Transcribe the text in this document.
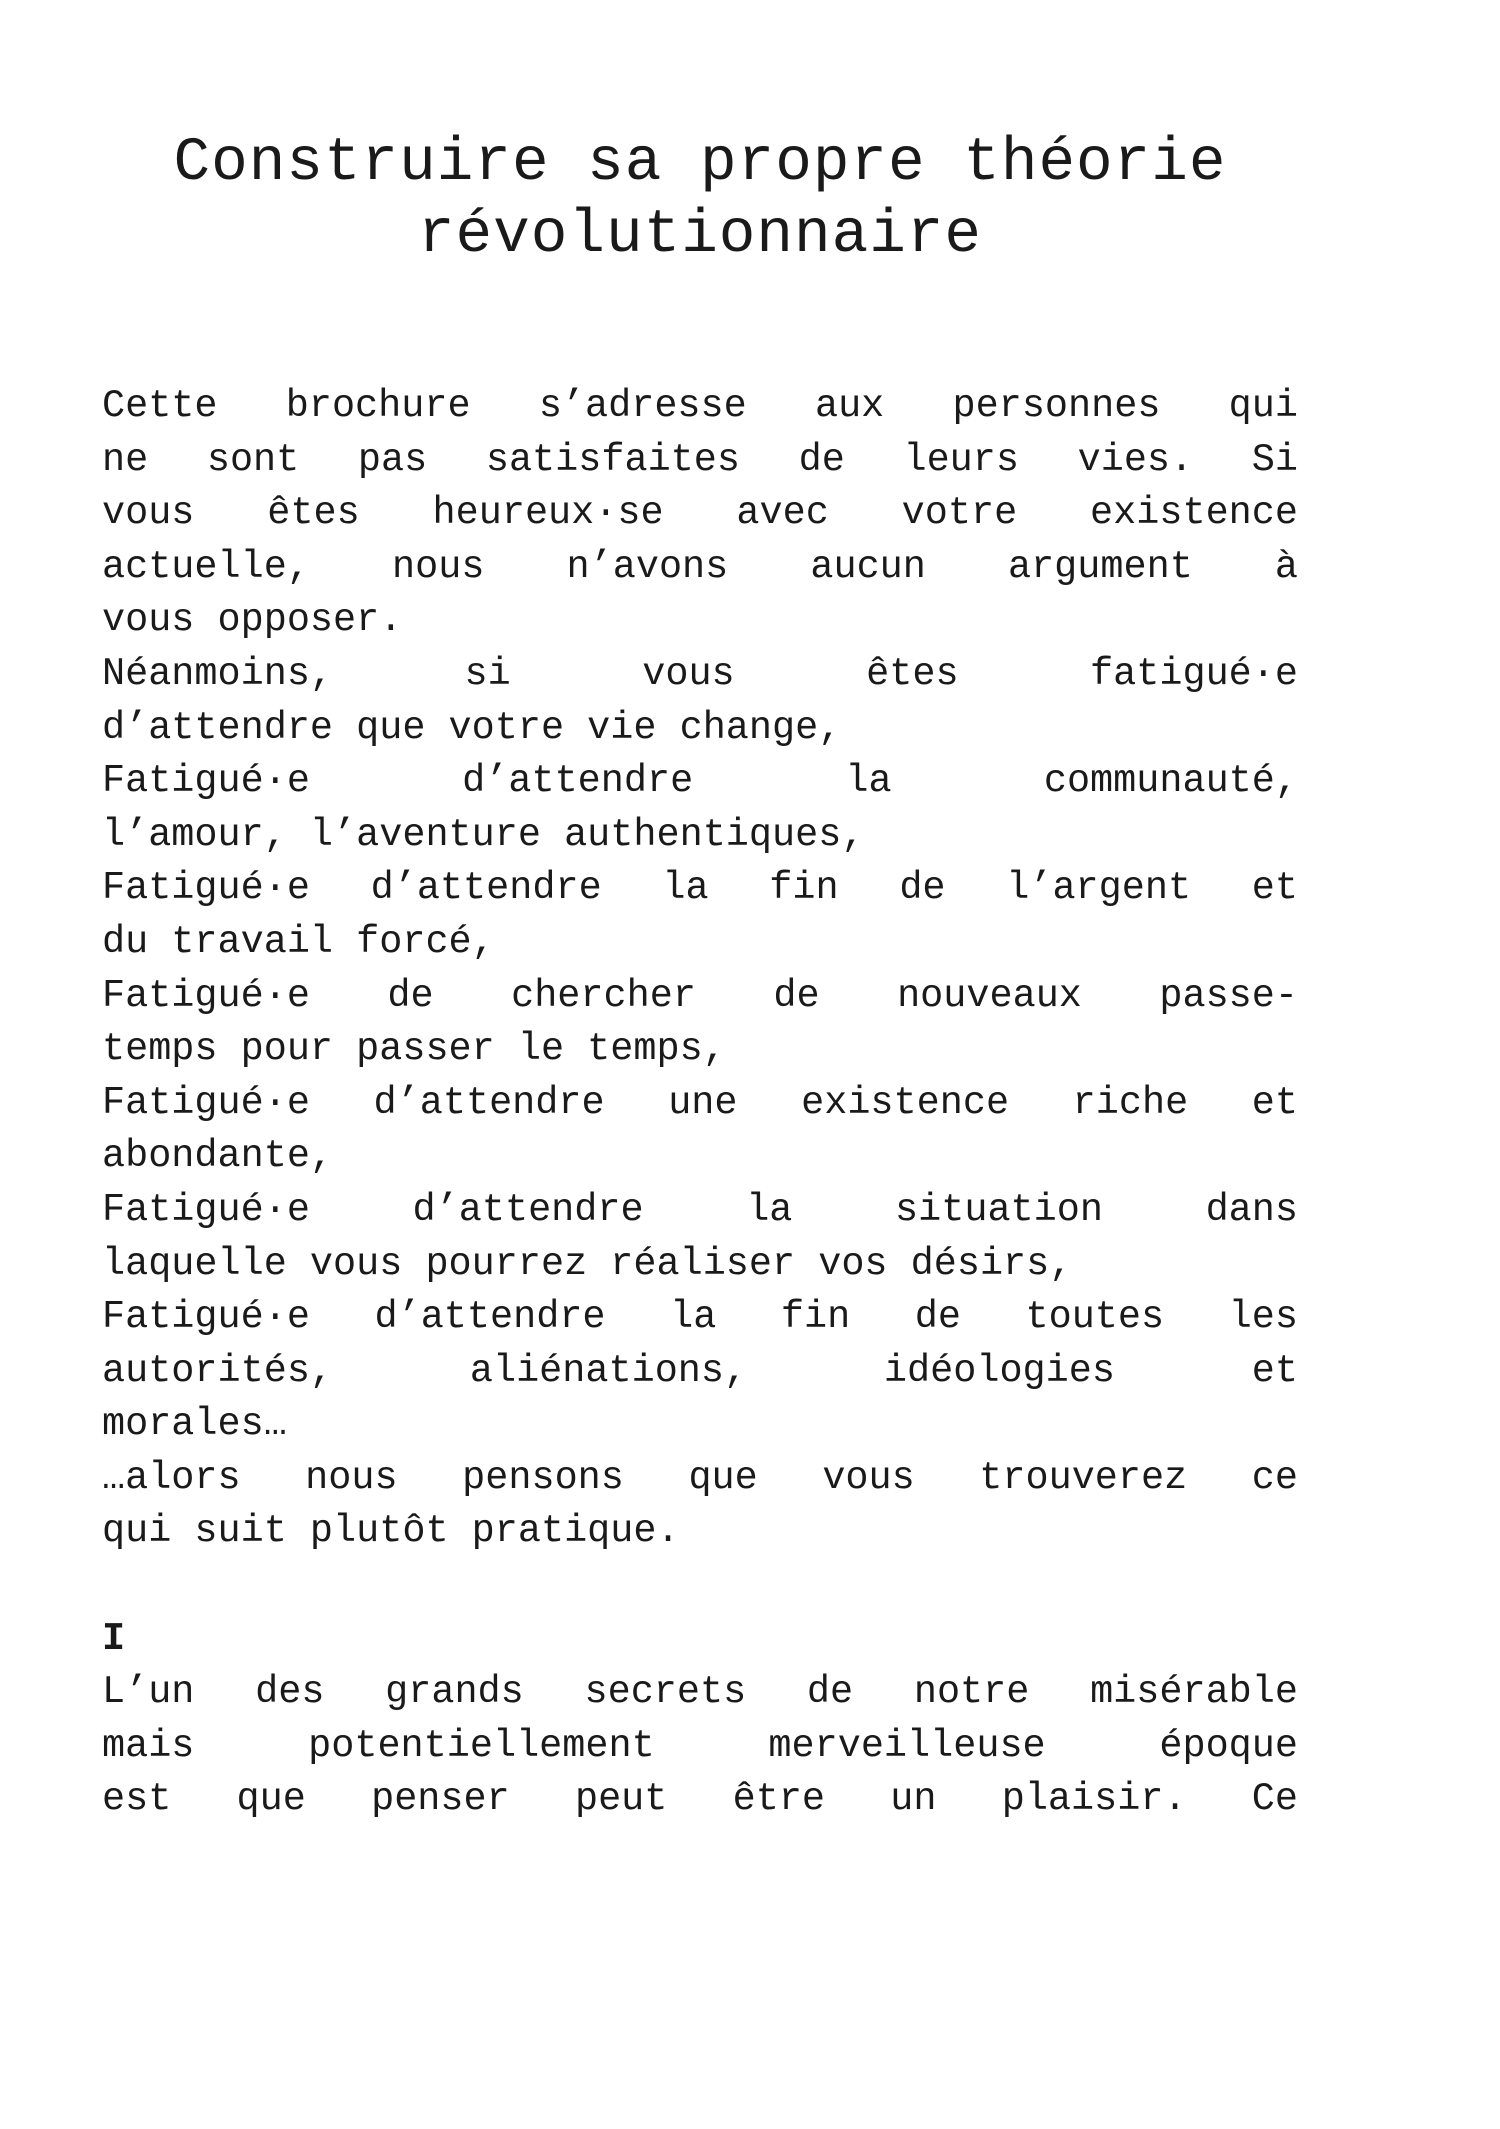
Construire sa propre théorie
révolutionnaire
Cette brochure s’adresse aux personnes qui
ne sont pas satisfaites de leurs vies. Si
vous êtes heureux·se avec votre existence
actuelle, nous n’avons aucun argument à
vous opposer.
Néanmoins, si vous êtes fatigué·e
d’attendre que votre vie change,
Fatigué·e d’attendre la communauté,
l’amour, l’aventure authentiques,
Fatigué·e d’attendre la fin de l’argent et
du travail forcé,
Fatigué·e de chercher de nouveaux passe-
temps pour passer le temps,
Fatigué·e d’attendre une existence riche et
abondante,
Fatigué·e d’attendre la situation dans
laquelle vous pourrez réaliser vos désirs,
Fatigué·e d’attendre la fin de toutes les
autorités, aliénations, idéologies et
morales…
…alors nous pensons que vous trouverez ce
qui suit plutôt pratique.
I
L’un des grands secrets de notre misérable
mais potentiellement merveilleuse époque
est que penser peut être un plaisir. Ce
